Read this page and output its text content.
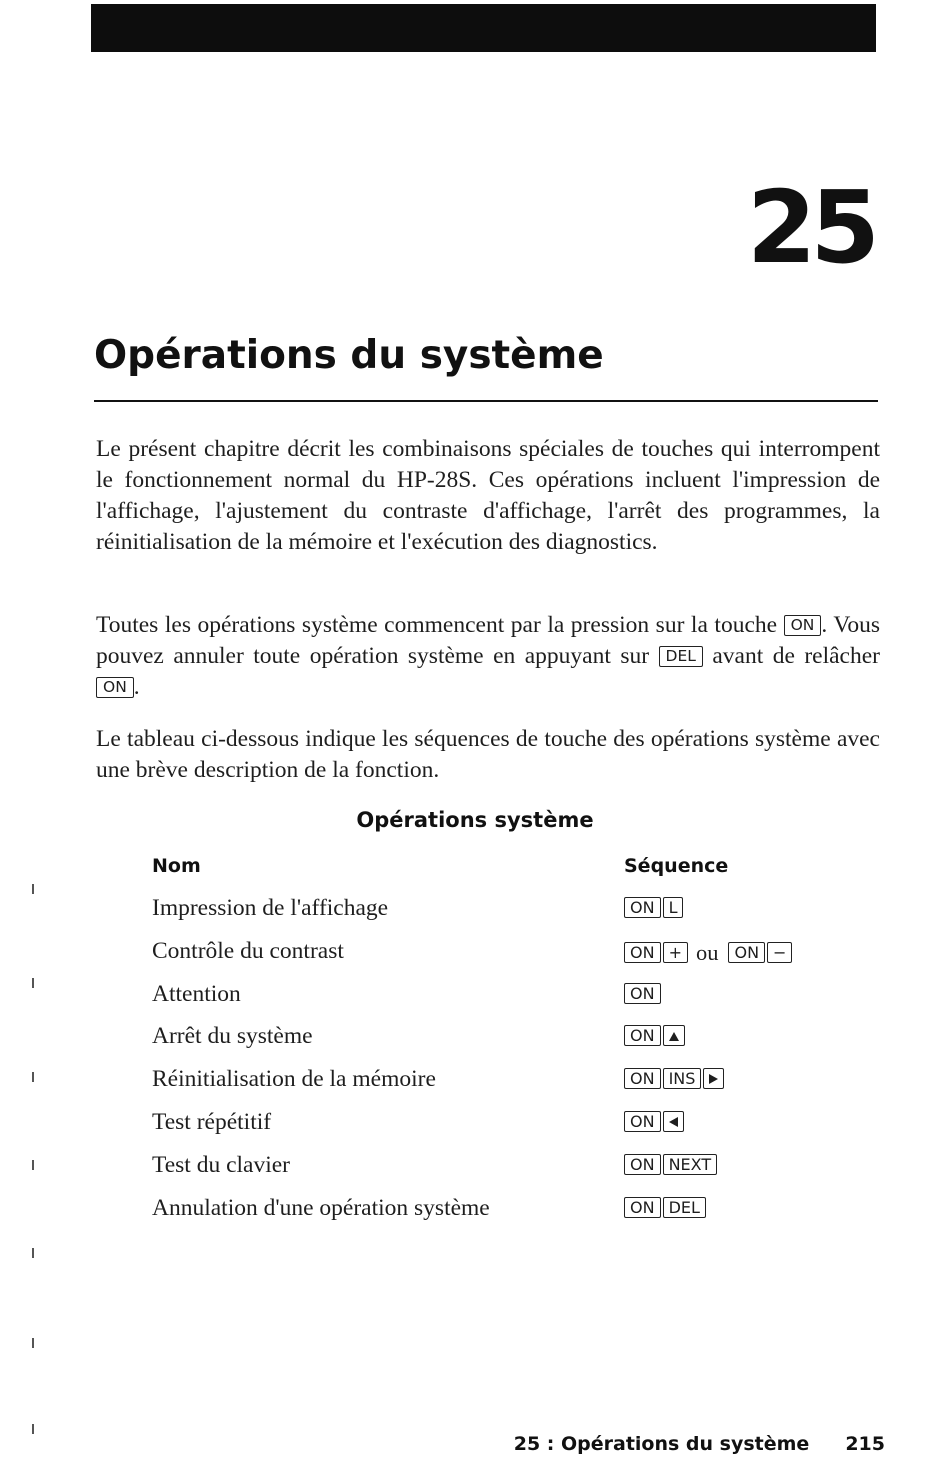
25
Opérations du système

Le présent chapitre décrit les combinaisons spéciales de touches qui interrompent le fonctionnement normal du HP-28S. Ces opérations incluent l'impression de l'affichage, l'ajustement du contraste d'affichage, l'arrêt des programmes, la réinitialisation de la mémoire et l'exécution des diagnostics.

Toutes les opérations système commencent par la pression sur la touche ON . Vous pouvez annuler toute opération système en appuyant sur DEL avant de relâcher ON .

Le tableau ci-dessous indique les séquences de touche des opérations système avec une brève description de la fonction.

Opérations système
Nom	Séquence
Impression de l'affichage	ON L
Contrôle du contrast	ON + ou	ON −
Attention	ON
Arrêt du système	ON
Réinitialisation de la mémoire	ON INS
Test répétitif	ON
Test du clavier	ON NEXT
Annulation d'une opération système	ON DEL
25 : Opérations du système 215
